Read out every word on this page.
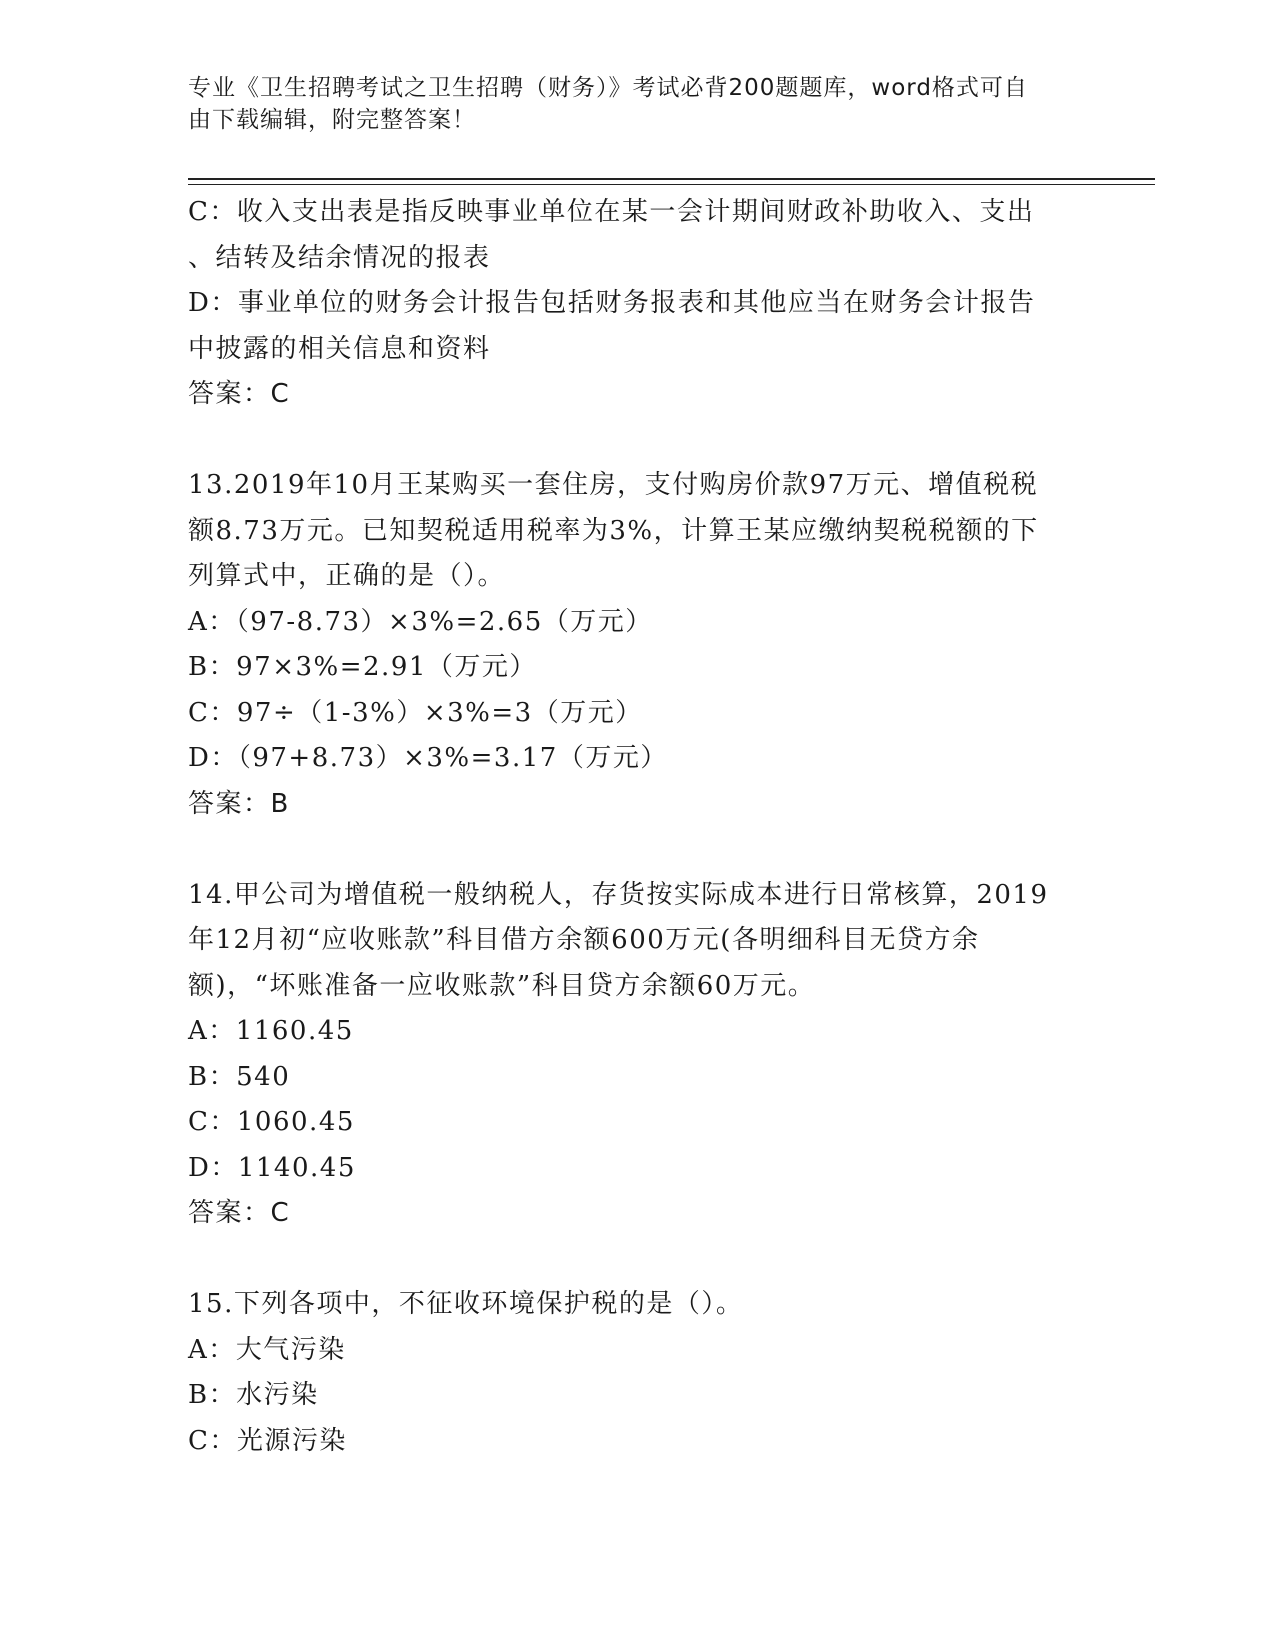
专业《卫生招聘考试之卫生招聘（财务）》考试必背200题题库，word格式可自
由下载编辑，附完整答案！
C：收入支出表是指反映事业单位在某一会计期间财政补助收入、支出
、结转及结余情况的报表
D：事业单位的财务会计报告包括财务报表和其他应当在财务会计报告
中披露的相关信息和资料
答案：C
13.2019年10月王某购买一套住房，支付购房价款97万元、增值税税
额8.73万元。已知契税适用税率为3%，计算王某应缴纳契税税额的下
列算式中，正确的是（）。
A：（97-8.73）×3%=2.65（万元）
B：97×3%=2.91（万元）
C：97÷（1-3%）×3%=3（万元）
D：（97+8.73）×3%=3.17（万元）
答案：B
14.甲公司为增值税一般纳税人，存货按实际成本进行日常核算，2019
年12月初“应收账款”科目借方余额600万元(各明细科目无贷方余
额)，“坏账准备一应收账款”科目贷方余额60万元。
A：1160.45
B：540
C：1060.45
D：1140.45
答案：C
15.下列各项中，不征收环境保护税的是（）。
A：大气污染
B：水污染
C：光源污染
